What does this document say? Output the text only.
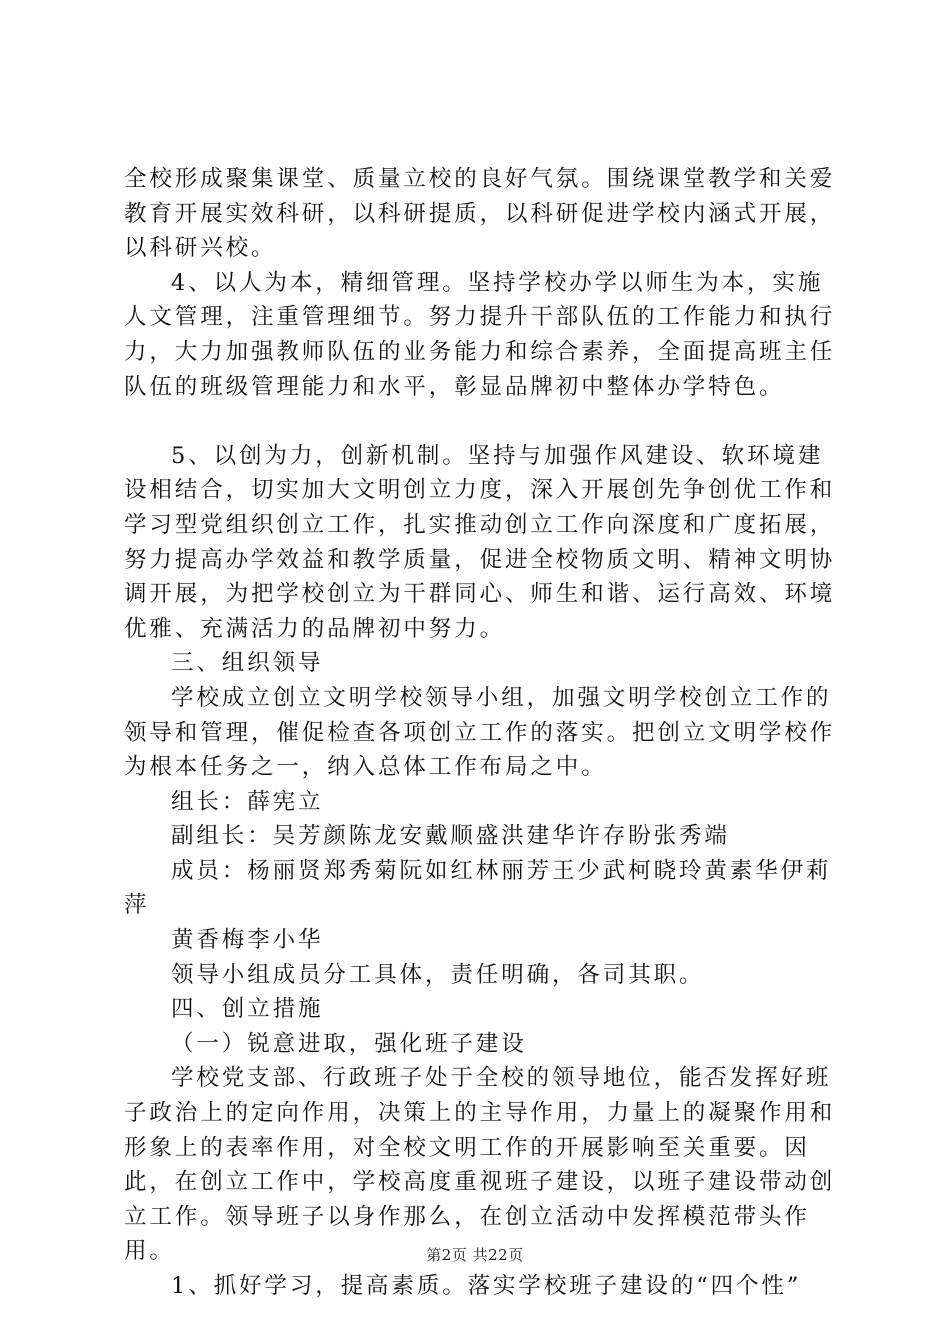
全校形成聚集课堂、质量立校的良好气氛。围绕课堂教学和关爱教育开展实效科研，以科研提质，以科研促进学校内涵式开展，以科研兴校。

4、以人为本，精细管理。坚持学校办学以师生为本，实施人文管理，注重管理细节。努力提升干部队伍的工作能力和执行力，大力加强教师队伍的业务能力和综合素养，全面提高班主任队伍的班级管理能力和水平，彰显品牌初中整体办学特色。

5、以创为力，创新机制。坚持与加强作风建设、软环境建设相结合，切实加大文明创立力度，深入开展创先争创优工作和学习型党组织创立工作，扎实推动创立工作向深度和广度拓展，努力提高办学效益和教学质量，促进全校物质文明、精神文明协调开展，为把学校创立为干群同心、师生和谐、运行高效、环境优雅、充满活力的品牌初中努力。

三、组织领导

学校成立创立文明学校领导小组，加强文明学校创立工作的领导和管理，催促检查各项创立工作的落实。把创立文明学校作为根本任务之一，纳入总体工作布局之中。

组长：薛宪立

副组长：吴芳颜陈龙安戴顺盛洪建华许存盼张秀端

成员：杨丽贤郑秀菊阮如红林丽芳王少武柯晓玲黄素华伊莉萍

黄香梅李小华

领导小组成员分工具体，责任明确，各司其职。

四、创立措施

（一）锐意进取，强化班子建设

学校党支部、行政班子处于全校的领导地位，能否发挥好班子政治上的定向作用，决策上的主导作用，力量上的凝聚作用和形象上的表率作用，对全校文明工作的开展影响至关重要。因此，在创立工作中，学校高度重视班子建设，以班子建设带动创立工作。领导班子以身作那么，在创立活动中发挥模范带头作用。

1、抓好学习，提高素质。落实学校班子建设的“四个性”

第2页 共22页
